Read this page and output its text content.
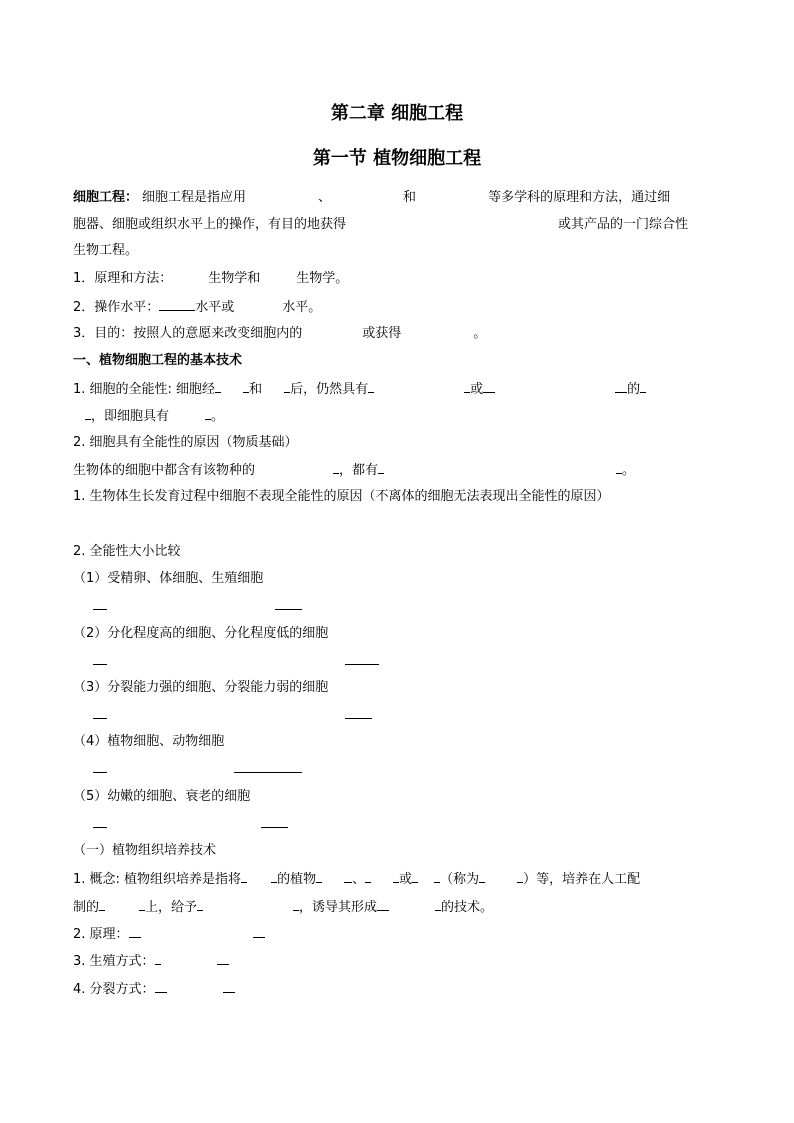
第二章 细胞工程
第一节 植物细胞工程
细胞工程： 细胞工程是指应用	、	和	等多学科的原理和方法，通过细
胞器、细胞或组织水平上的操作，有目的地获得	或其产品的一门综合性
生物工程。
1．原理和方法：	生物学和	生物学。
2．操作水平：	水平或	水平。
3．目的：按照人的意愿来改变细胞内的	或获得	。
一、植物细胞工程的基本技术
1. 细胞的全能性: 细胞经	和 后，仍然具有	或	的
，即细胞具有	。
2. 细胞具有全能性的原因（物质基础）
生物体的细胞中都含有该物种的	，都有	。
1. 生物体生长发育过程中细胞不表现全能性的原因（不离体的细胞无法表现出全能性的原因）
2. 全能性大小比较
（1）受精卵、体细胞、生殖细胞
（2）分化程度高的细胞、分化程度低的细胞
（3）分裂能力强的细胞、分裂能力弱的细胞
（4）植物细胞、动物细胞
（5）幼嫩的细胞、衰老的细胞
（一）植物组织培养技术
1. 概念: 植物组织培养是指将	的植物	、	或 （称为	）等，培养在人工配
制的	上，给予	，诱导其形成	的技术。
2. 原理：
3. 生殖方式：
4. 分裂方式：
